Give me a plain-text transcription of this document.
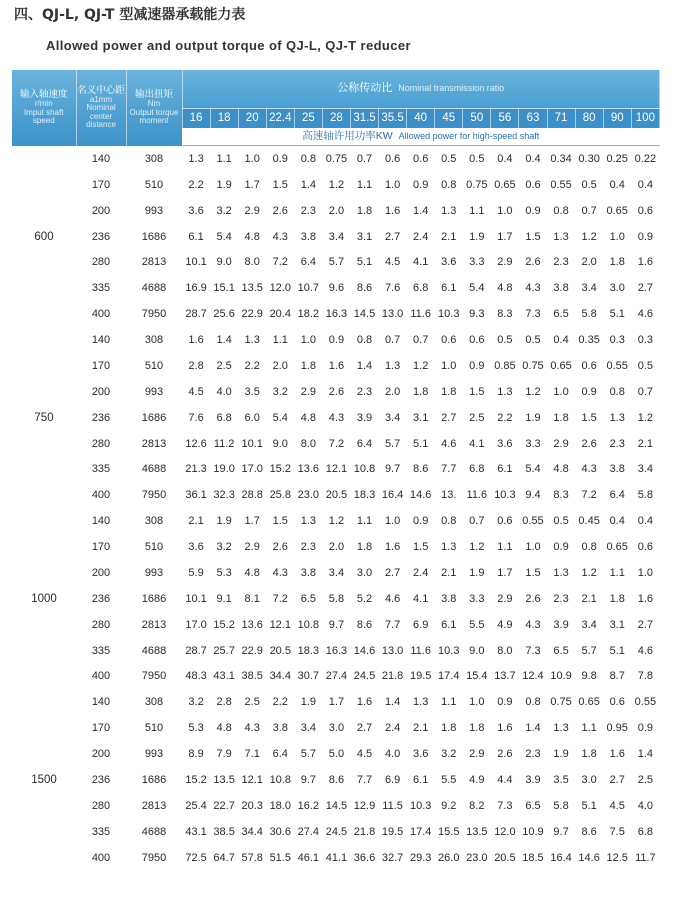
四、QJ-L, QJ-T 型减速器承载能力表
Allowed power and output torque of QJ-L, QJ-T reducer
输入轴速度
r/min
Imput shaft speed	名义中心距
a1mm
Nominal center distance	输出扭矩
Nm
Output torque moment	公称传动比 Nominal transmission ratio																
			16	18	20	22.4	25	28	31.5	35.5	40	45	50	56	63	71	80	90	100
			高速轴许用功率KW Allowed power for high-speed shaft																
	140	308	1.3	1.1	1.0	0.9	0.8	0.75	0.7	0.6	0.6	0.5	0.5	0.4	0.4	0.34	0.30	0.25	0.22
	170	510	2.2	1.9	1.7	1.5	1.4	1.2	1.1	1.0	0.9	0.8	0.75	0.65	0.6	0.55	0.5	0.4	0.4
	200	993	3.6	3.2	2.9	2.6	2.3	2.0	1.8	1.6	1.4	1.3	1.1	1.0	0.9	0.8	0.7	0.65	0.6
600	236	1686	6.1	5.4	4.8	4.3	3.8	3.4	3.1	2.7	2.4	2.1	1.9	1.7	1.5	1.3	1.2	1.0	0.9
	280	2813	10.1	9.0	8.0	7.2	6.4	5.7	5.1	4.5	4.1	3.6	3.3	2.9	2.6	2.3	2.0	1.8	1.6
	335	4688	16.9	15.1	13.5	12.0	10.7	9.6	8.6	7.6	6.8	6.1	5.4	4.8	4.3	3.8	3.4	3.0	2.7
	400	7950	28.7	25.6	22.9	20.4	18.2	16.3	14.5	13.0	11.6	10.3	9.3	8.3	7.3	6.5	5.8	5.1	4.6
	140	308	1.6	1.4	1.3	1.1	1.0	0.9	0.8	0.7	0.7	0.6	0.6	0.5	0.5	0.4	0.35	0.3	0.3
	170	510	2.8	2.5	2.2	2.0	1.8	1.6	1.4	1.3	1.2	1.0	0.9	0.85	0.75	0.65	0.6	0.55	0.5
	200	993	4.5	4.0	3.5	3.2	2.9	2.6	2.3	2.0	1.8	1.8	1.5	1.3	1.2	1.0	0.9	0.8	0.7
750	236	1686	7.6	6.8	6.0	5.4	4.8	4.3	3.9	3.4	3.1	2.7	2.5	2.2	1.9	1.8	1.5	1.3	1.2
	280	2813	12.6	11.2	10.1	9.0	8.0	7.2	6.4	5.7	5.1	4.6	4.1	3.6	3.3	2.9	2.6	2.3	2.1
	335	4688	21.3	19.0	17.0	15.2	13.6	12.1	10.8	9.7	8.6	7.7	6.8	6.1	5.4	4.8	4.3	3.8	3.4
	400	7950	36.1	32.3	28.8	25.8	23.0	20.5	18.3	16.4	14.6	13.	11.6	10.3	9.4	8.3	7.2	6.4	5.8
	140	308	2.1	1.9	1.7	1.5	1.3	1.2	1.1	1.0	0.9	0.8	0.7	0.6	0.55	0.5	0.45	0.4	0.4
	170	510	3.6	3.2	2.9	2.6	2.3	2.0	1.8	1.6	1.5	1.3	1.2	1.1	1.0	0.9	0.8	0.65	0.6
	200	993	5.9	5.3	4.8	4.3	3.8	3.4	3.0	2.7	2.4	2.1	1.9	1.7	1.5	1.3	1.2	1.1	1.0
1000	236	1686	10.1	9.1	8.1	7.2	6.5	5.8	5.2	4.6	4.1	3.8	3.3	2.9	2.6	2.3	2.1	1.8	1.6
	280	2813	17.0	15.2	13.6	12.1	10.8	9.7	8.6	7.7	6.9	6.1	5.5	4.9	4.3	3.9	3.4	3.1	2.7
	335	4688	28.7	25.7	22.9	20.5	18.3	16.3	14.6	13.0	11.6	10.3	9.0	8.0	7.3	6.5	5.7	5.1	4.6
	400	7950	48.3	43.1	38.5	34.4	30.7	27.4	24.5	21.8	19.5	17.4	15.4	13.7	12.4	10.9	9.8	8.7	7.8
	140	308	3.2	2.8	2.5	2.2	1.9	1.7	1.6	1.4	1.3	1.1	1.0	0.9	0.8	0.75	0.65	0.6	0.55
	170	510	5.3	4.8	4.3	3.8	3.4	3.0	2.7	2.4	2.1	1.8	1.8	1.6	1.4	1.3	1.1	0.95	0.9
	200	993	8.9	7.9	7.1	6.4	5.7	5.0	4.5	4.0	3.6	3.2	2.9	2.6	2.3	1.9	1.8	1.6	1.4
1500	236	1686	15.2	13.5	12.1	10.8	9.7	8.6	7.7	6.9	6.1	5.5	4.9	4.4	3.9	3.5	3.0	2.7	2.5
	280	2813	25.4	22.7	20.3	18.0	16.2	14.5	12.9	11.5	10.3	9.2	8.2	7.3	6.5	5.8	5.1	4.5	4.0
	335	4688	43.1	38.5	34.4	30.6	27.4	24.5	21.8	19.5	17.4	15.5	13.5	12.0	10.9	9.7	8.6	7.5	6.8
	400	7950	72.5	64.7	57.8	51.5	46.1	41.1	36.6	32.7	29.3	26.0	23.0	20.5	18.5	16.4	14.6	12.5	11.7
